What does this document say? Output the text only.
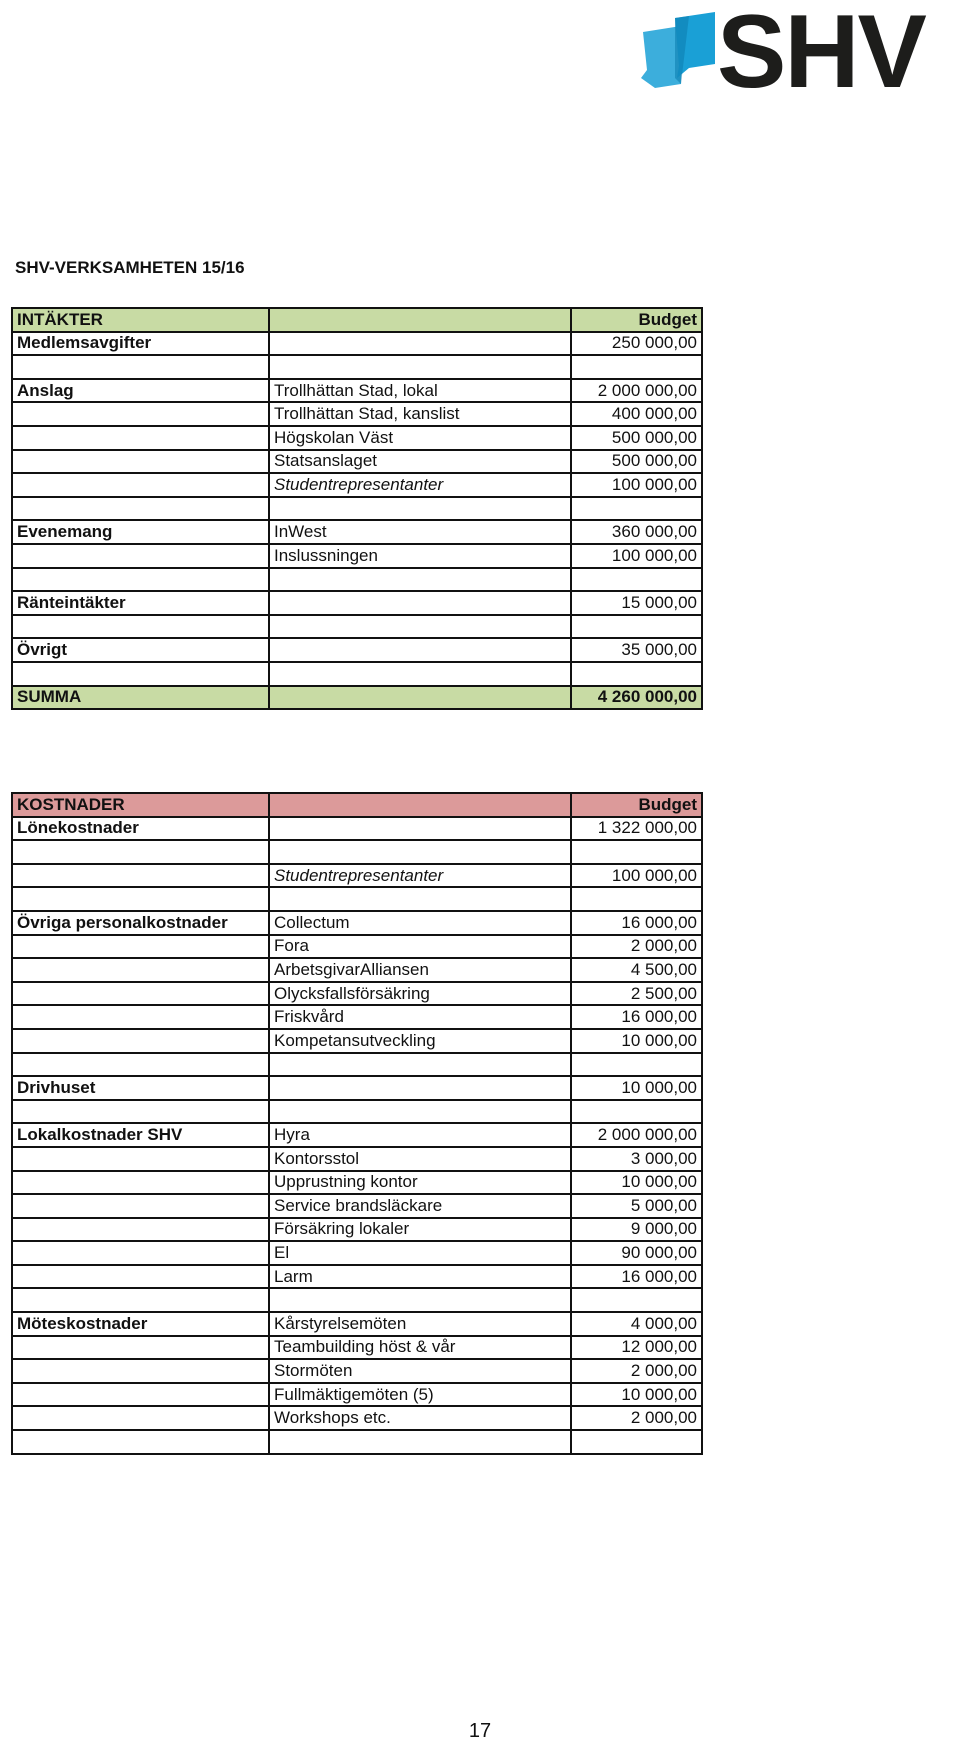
SHV
SHV-VERKSAMHETEN 15/16
INTÄKTER		Budget
Medlemsavgifter		250 000,00

Anslag	Trollhättan Stad, lokal	2 000 000,00
	Trollhättan Stad, kanslist	400 000,00
	Högskolan Väst	500 000,00
	Statsanslaget	500 000,00
	Studentrepresentanter	100 000,00

Evenemang	InWest	360 000,00
	Inslussningen	100 000,00

Ränteintäkter		15 000,00

Övrigt		35 000,00

SUMMA		4 260 000,00
KOSTNADER		Budget
Lönekostnader		1 322 000,00

	Studentrepresentanter	100 000,00

Övriga personalkostnader	Collectum	16 000,00
	Fora	2 000,00
	ArbetsgivarAlliansen	4 500,00
	Olycksfallsförsäkring	2 500,00
	Friskvård	16 000,00
	Kompetansutveckling	10 000,00

Drivhuset		10 000,00

Lokalkostnader SHV	Hyra	2 000 000,00
	Kontorsstol	3 000,00
	Upprustning kontor	10 000,00
	Service brandsläckare	5 000,00
	Försäkring lokaler	9 000,00
	El	90 000,00
	Larm	16 000,00

Möteskostnader	Kårstyrelsemöten	4 000,00
	Teambuilding höst & vår	12 000,00
	Stormöten	2 000,00
	Fullmäktigemöten (5)	10 000,00
	Workshops etc.	2 000,00

17
